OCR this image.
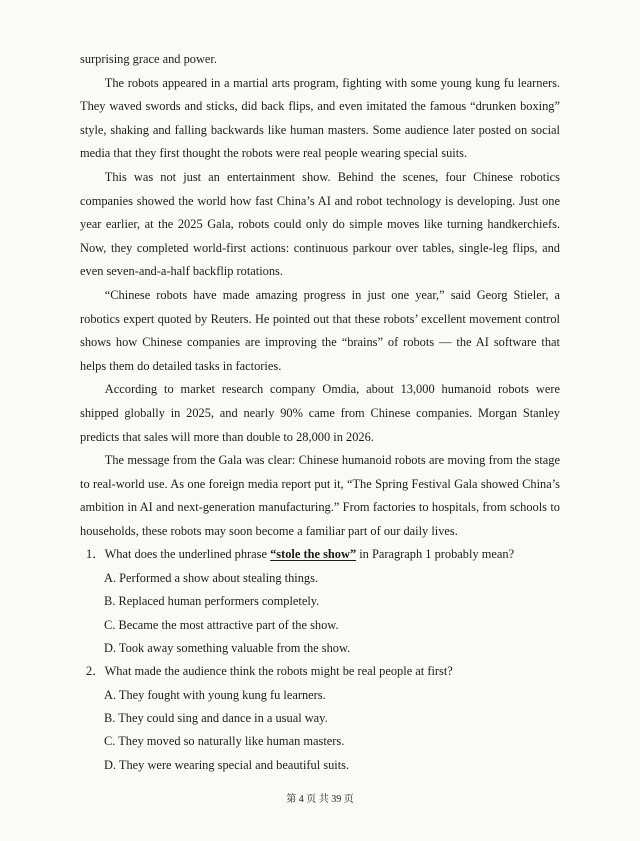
surprising grace and power.

The robots appeared in a martial arts program, fighting with some young kung fu learners. They waved swords and sticks, did back flips, and even imitated the famous “drunken boxing” style, shaking and falling backwards like human masters. Some audience later posted on social media that they first thought the robots were real people wearing special suits.

This was not just an entertainment show. Behind the scenes, four Chinese robotics companies showed the world how fast China’s AI and robot technology is developing. Just one year earlier, at the 2025 Gala, robots could only do simple moves like turning handkerchiefs. Now, they completed world-first actions: continuous parkour over tables, single-leg flips, and even seven-and-a-half backflip rotations.

“Chinese robots have made amazing progress in just one year,” said Georg Stieler, a robotics expert quoted by Reuters. He pointed out that these robots’ excellent movement control shows how Chinese companies are improving the “brains” of robots — the AI software that helps them do detailed tasks in factories.

According to market research company Omdia, about 13,000 humanoid robots were shipped globally in 2025, and nearly 90% came from Chinese companies. Morgan Stanley predicts that sales will more than double to 28,000 in 2026.

The message from the Gala was clear: Chinese humanoid robots are moving from the stage to real-world use. As one foreign media report put it, “The Spring Festival Gala showed China’s ambition in AI and next-generation manufacturing.” From factories to hospitals, from schools to households, these robots may soon become a familiar part of our daily lives.

1．What does the underlined phrase “stole the show” in Paragraph 1 probably mean?
A. Performed a show about stealing things.
B. Replaced human performers completely.
C. Became the most attractive part of the show.
D. Took away something valuable from the show.
2．What made the audience think the robots might be real people at first?
A. They fought with young kung fu learners.
B. They could sing and dance in a usual way.
C. They moved so naturally like human masters.
D. They were wearing special and beautiful suits.
第 4 页 共 39 页
